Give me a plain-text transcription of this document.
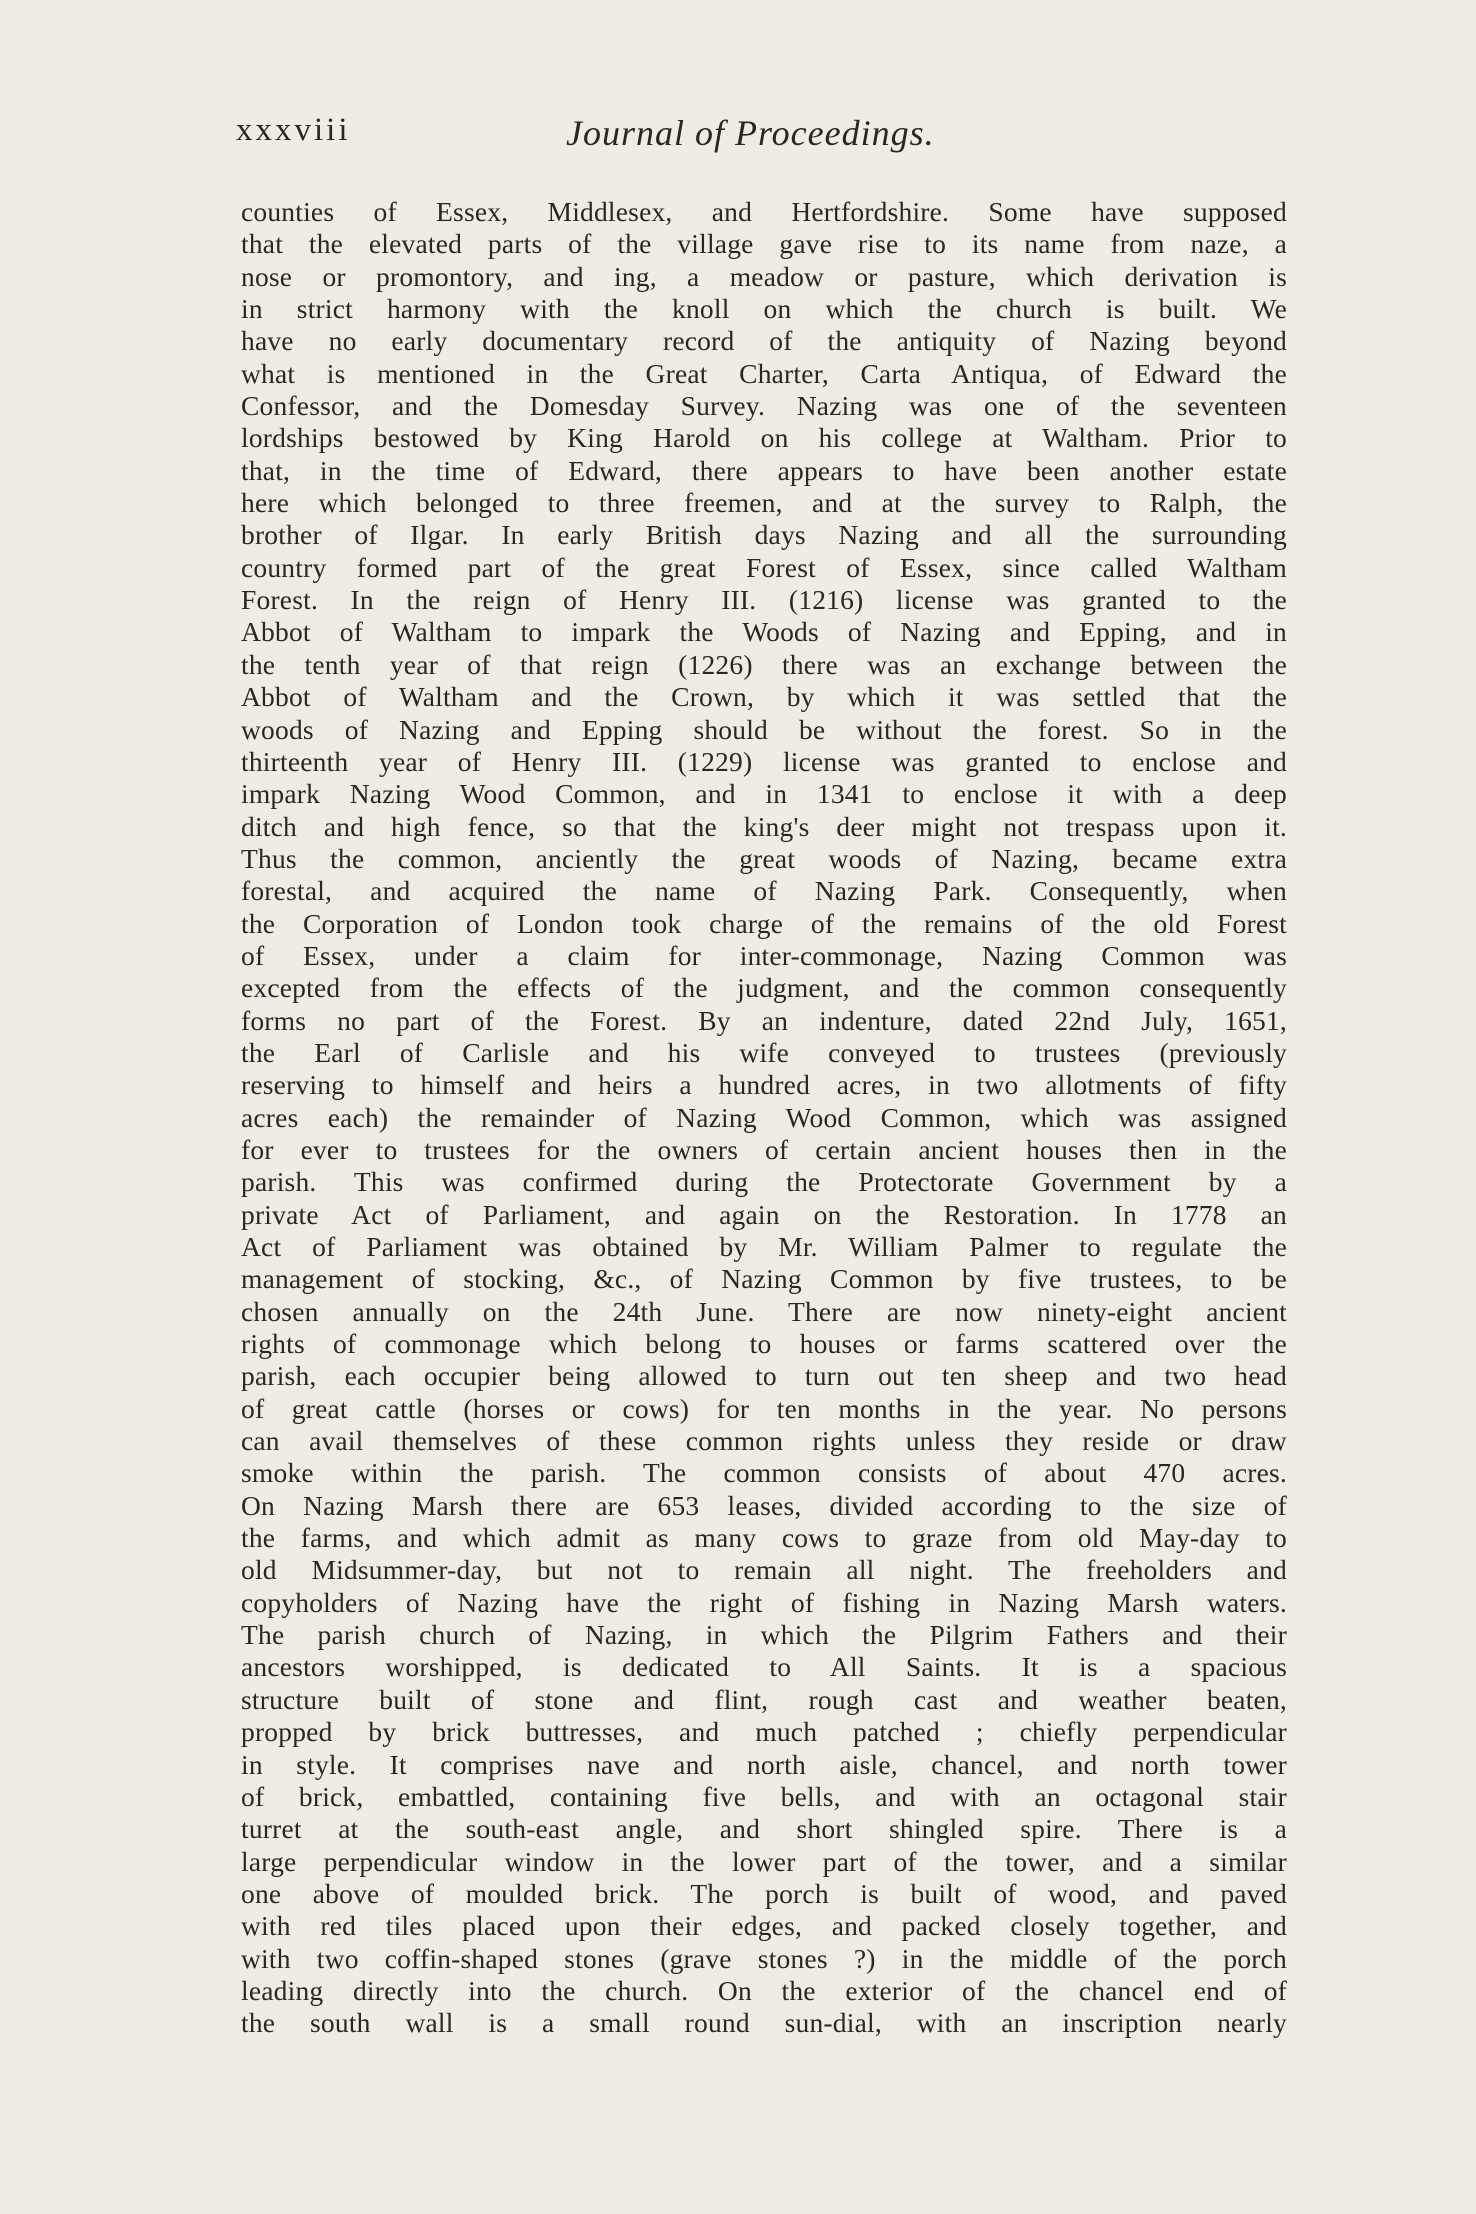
xxxviii	Journal of Proceedings.
counties of Essex, Middlesex, and Hertfordshire. Some have supposed
that the elevated parts of the village gave rise to its name from naze, a
nose or promontory, and ing, a meadow or pasture, which derivation is
in strict harmony with the knoll on which the church is built. We
have no early documentary record of the antiquity of Nazing beyond
what is mentioned in the Great Charter, Carta Antiqua, of Edward the
Confessor, and the Domesday Survey. Nazing was one of the seventeen
lordships bestowed by King Harold on his college at Waltham. Prior to
that, in the time of Edward, there appears to have been another estate
here which belonged to three freemen, and at the survey to Ralph, the
brother of Ilgar. In early British days Nazing and all the surrounding
country formed part of the great Forest of Essex, since called Waltham
Forest. In the reign of Henry III. (1216) license was granted to the
Abbot of Waltham to impark the Woods of Nazing and Epping, and in
the tenth year of that reign (1226) there was an exchange between the
Abbot of Waltham and the Crown, by which it was settled that the
woods of Nazing and Epping should be without the forest. So in the
thirteenth year of Henry III. (1229) license was granted to enclose and
impark Nazing Wood Common, and in 1341 to enclose it with a deep
ditch and high fence, so that the king's deer might not trespass upon it.
Thus the common, anciently the great woods of Nazing, became extra
forestal, and acquired the name of Nazing Park. Consequently, when
the Corporation of London took charge of the remains of the old Forest
of Essex, under a claim for inter-commonage, Nazing Common was
excepted from the effects of the judgment, and the common consequently
forms no part of the Forest. By an indenture, dated 22nd July, 1651,
the Earl of Carlisle and his wife conveyed to trustees (previously
reserving to himself and heirs a hundred acres, in two allotments of fifty
acres each) the remainder of Nazing Wood Common, which was assigned
for ever to trustees for the owners of certain ancient houses then in the
parish. This was confirmed during the Protectorate Government by a
private Act of Parliament, and again on the Restoration. In 1778 an
Act of Parliament was obtained by Mr. William Palmer to regulate the
management of stocking, &c., of Nazing Common by five trustees, to be
chosen annually on the 24th June. There are now ninety-eight ancient
rights of commonage which belong to houses or farms scattered over the
parish, each occupier being allowed to turn out ten sheep and two head
of great cattle (horses or cows) for ten months in the year. No persons
can avail themselves of these common rights unless they reside or draw
smoke within the parish. The common consists of about 470 acres.
On Nazing Marsh there are 653 leases, divided according to the size of
the farms, and which admit as many cows to graze from old May-day to
old Midsummer-day, but not to remain all night. The freeholders and
copyholders of Nazing have the right of fishing in Nazing Marsh waters.
The parish church of Nazing, in which the Pilgrim Fathers and their
ancestors worshipped, is dedicated to All Saints. It is a spacious
structure built of stone and flint, rough cast and weather beaten,
propped by brick buttresses, and much patched ; chiefly perpendicular
in style. It comprises nave and north aisle, chancel, and north tower
of brick, embattled, containing five bells, and with an octagonal stair
turret at the south-east angle, and short shingled spire. There is a
large perpendicular window in the lower part of the tower, and a similar
one above of moulded brick. The porch is built of wood, and paved
with red tiles placed upon their edges, and packed closely together, and
with two coffin-shaped stones (grave stones ?) in the middle of the porch
leading directly into the church. On the exterior of the chancel end of
the south wall is a small round sun-dial, with an inscription nearly
